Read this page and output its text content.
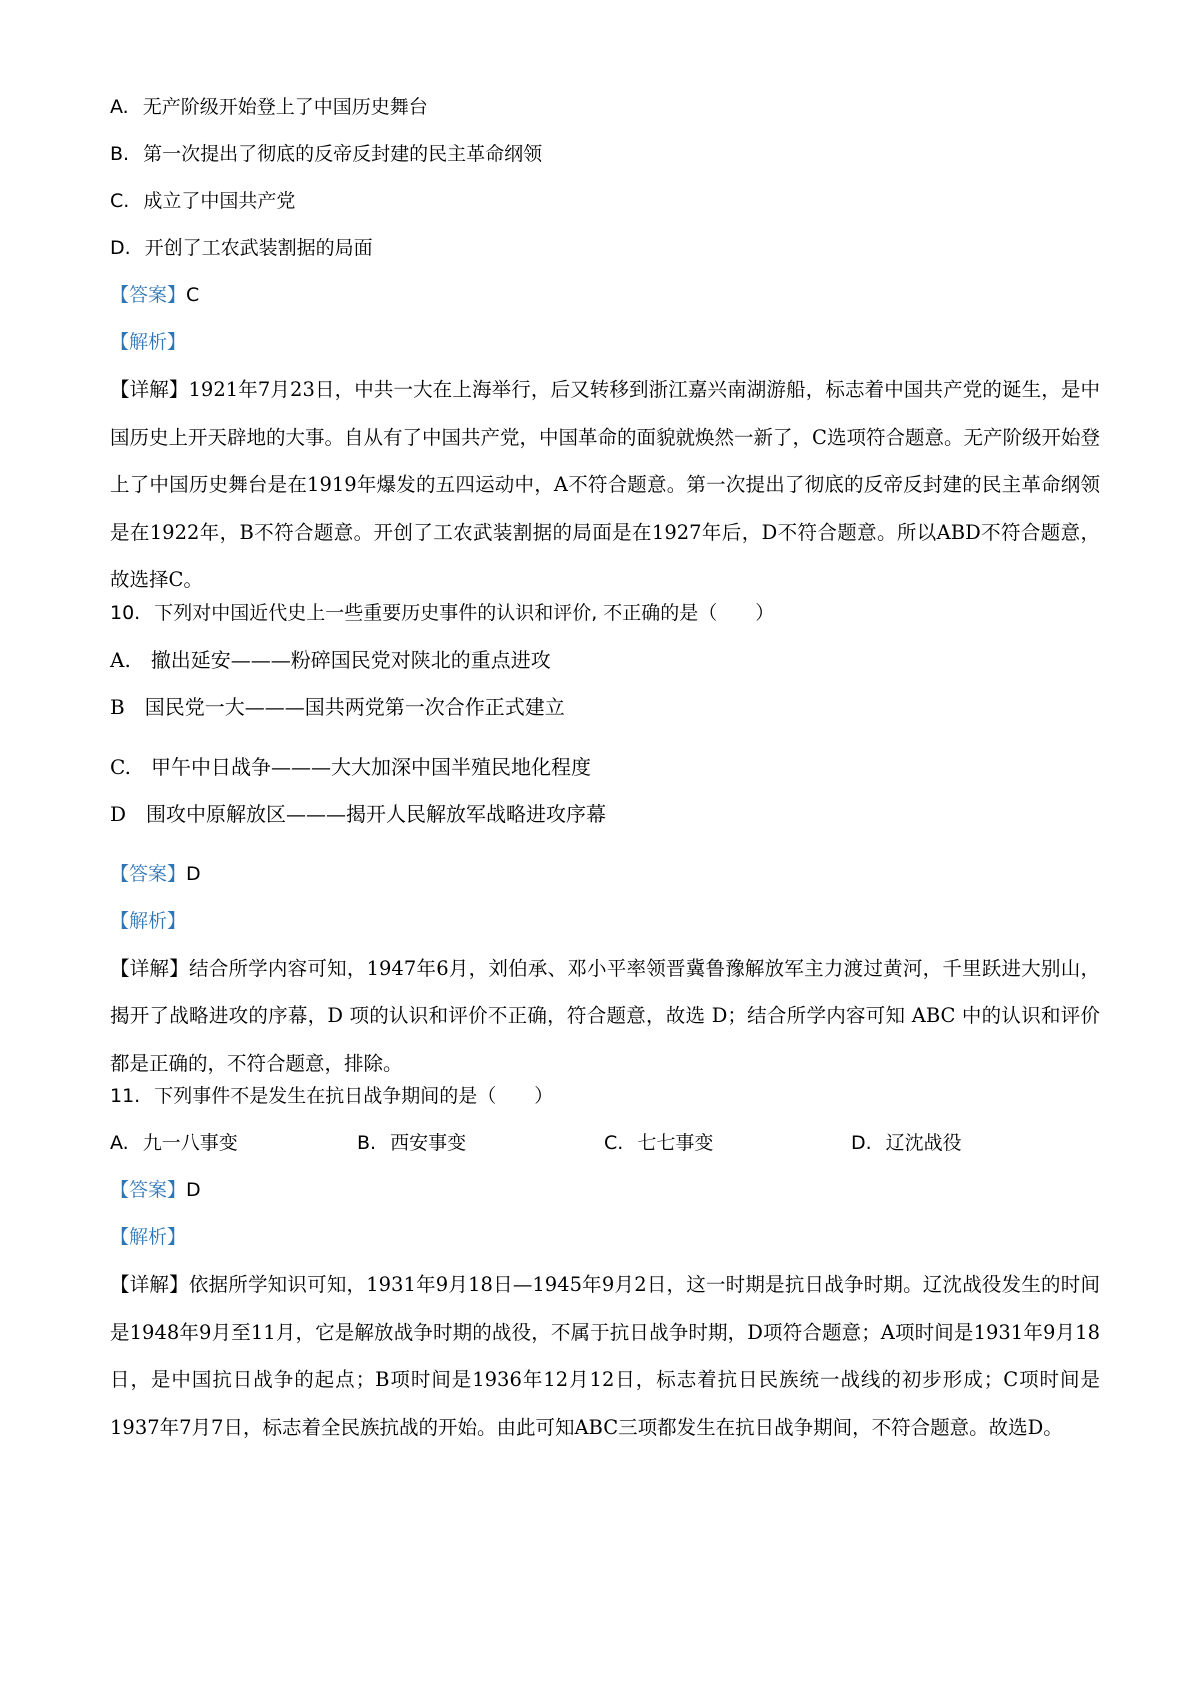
A. 无产阶级开始登上了中国历史舞台
B. 第一次提出了彻底的反帝反封建的民主革命纲领
C. 成立了中国共产党
D. 开创了工农武装割据的局面
【答案】C
【解析】
【详解】1921年7月23日，中共一大在上海举行，后又转移到浙江嘉兴南湖游船，标志着中国共产党的诞生，是中国历史上开天辟地的大事。自从有了中国共产党，中国革命的面貌就焕然一新了，C选项符合题意。无产阶级开始登上了中国历史舞台是在1919年爆发的五四运动中，A不符合题意。第一次提出了彻底的反帝反封建的民主革命纲领是在1922年，B不符合题意。开创了工农武装割据的局面是在1927年后，D不符合题意。所以ABD不符合题意，故选择C。
10. 下列对中国近代史上一些重要历史事件的认识和评价, 不正确的是（　　）
A. 撤出延安———粉碎国民党对陕北的重点进攻
B 国民党一大———国共两党第一次合作正式建立
C. 甲午中日战争———大大加深中国半殖民地化程度
D 围攻中原解放区———揭开人民解放军战略进攻序幕
【答案】D
【解析】
【详解】结合所学内容可知，1947年6月，刘伯承、邓小平率领晋冀鲁豫解放军主力渡过黄河，千里跃进大别山，揭开了战略进攻的序幕，D 项的认识和评价不正确，符合题意，故选 D；结合所学内容可知 ABC 中的认识和评价都是正确的，不符合题意，排除。
11. 下列事件不是发生在抗日战争期间的是（　　）
A. 九一八事变	B. 西安事变	C. 七七事变	D. 辽沈战役
【答案】D
【解析】
【详解】依据所学知识可知，1931年9月18日—1945年9月2日，这一时期是抗日战争时期。辽沈战役发生的时间是1948年9月至11月，它是解放战争时期的战役，不属于抗日战争时期，D项符合题意；A项时间是1931年9月18日，是中国抗日战争的起点；B项时间是1936年12月12日，标志着抗日民族统一战线的初步形成；C项时间是1937年7月7日，标志着全民族抗战的开始。由此可知ABC三项都发生在抗日战争期间，不符合题意。故选D。
